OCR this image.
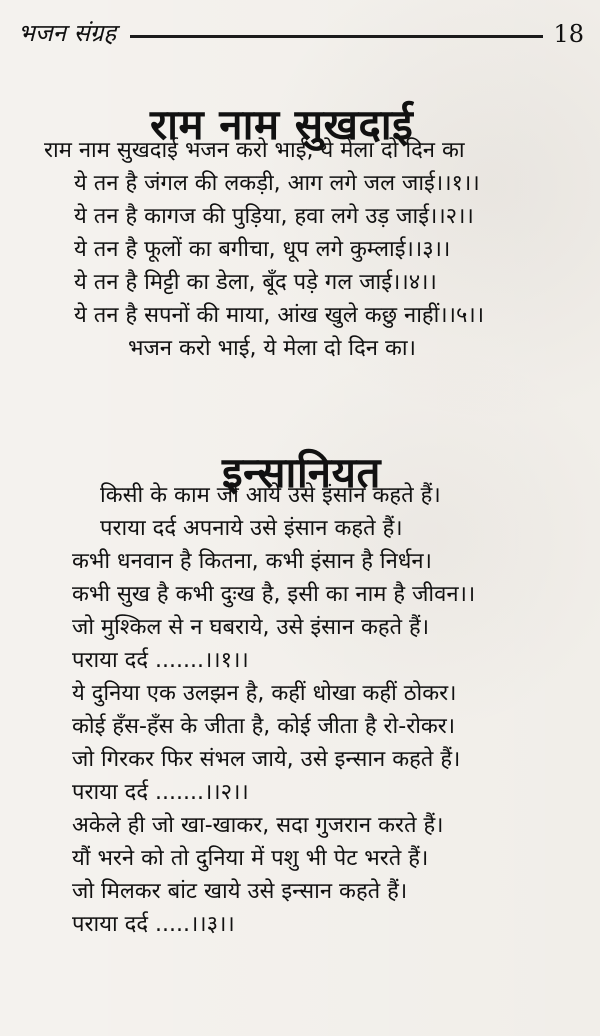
भजन संग्रह	18
राम नाम सुखदाई
राम नाम सुखदाई भजन करो भाई, ये मेला दो दिन का
ये तन है जंगल की लकड़ी, आग लगे जल जाई।।१।।
ये तन है कागज की पुड़िया, हवा लगे उड़ जाई।।२।।
ये तन है फूलों का बगीचा, धूप लगे कुम्लाई।।३।।
ये तन है मिट्टी का डेला, बूँद पड़े गल जाई।।४।।
ये तन है सपनों की माया, आंख खुले कछु नाहीं।।५।।
भजन करो भाई, ये मेला दो दिन का।
इन्सानियत
किसी के काम जो आये उसे इंसान कहते हैं।
पराया दर्द अपनाये उसे इंसान कहते हैं।
कभी धनवान है कितना, कभी इंसान है निर्धन।
कभी सुख है कभी दुःख है, इसी का नाम है जीवन।।
जो मुश्किल से न घबराये, उसे इंसान कहते हैं।
पराया दर्द .......।।१।।
ये दुनिया एक उलझन है, कहीं धोखा कहीं ठोकर।
कोई हँस-हँस के जीता है, कोई जीता है रो-रोकर।
जो गिरकर फिर संभल जाये, उसे इन्सान कहते हैं।
पराया दर्द .......।।२।।
अकेले ही जो खा-खाकर, सदा गुजरान करते हैं।
यौं भरने को तो दुनिया में पशु भी पेट भरते हैं।
जो मिलकर बांट खाये उसे इन्सान कहते हैं।
पराया दर्द .....।।३।।
